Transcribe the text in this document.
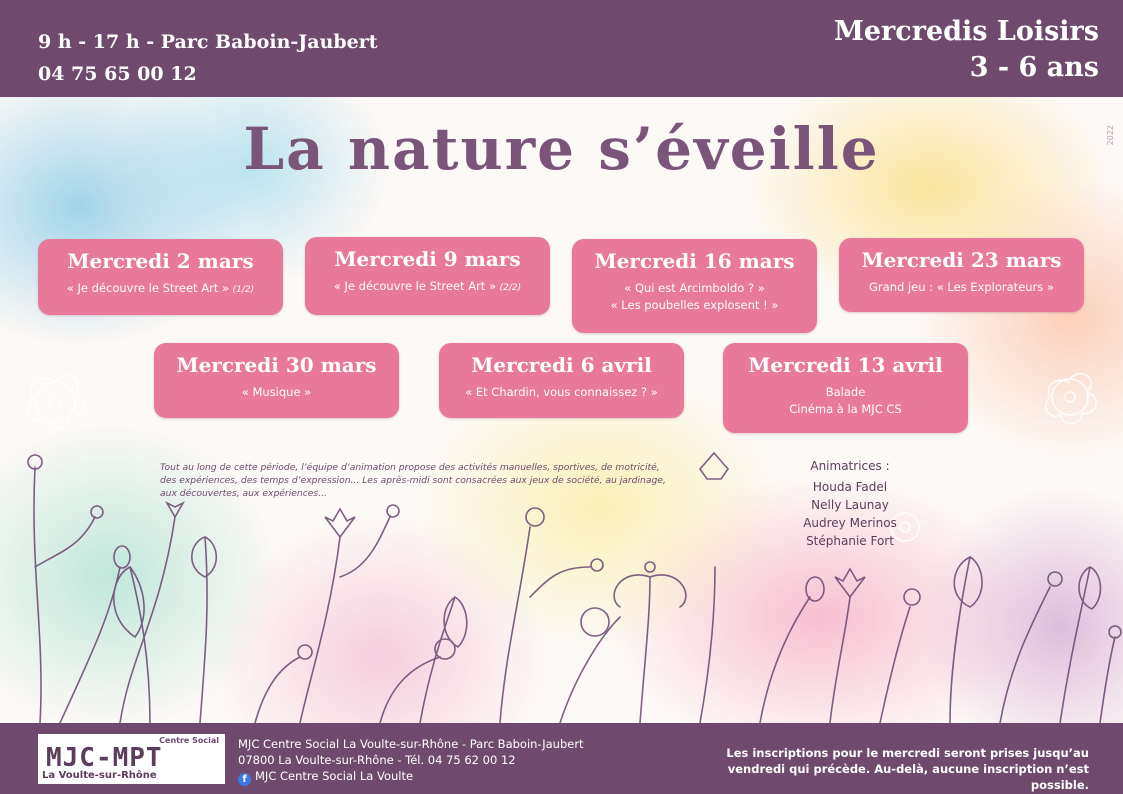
9 h - 17 h - Parc Baboin-Jaubert
04 75 65 00 12
Mercredis Loisirs
3 - 6 ans
2022
La nature s’éveille
Mercredi 2 mars
« Je découvre le Street Art » (1/2)
Mercredi 9 mars
« Je découvre le Street Art » (2/2)
Mercredi 16 mars
« Qui est Arcimboldo ? »
« Les poubelles explosent ! »
Mercredi 23 mars
Grand jeu : « Les Explorateurs »
Mercredi 30 mars
« Musique »
Mercredi 6 avril
« Et Chardin, vous connaissez ? »
Mercredi 13 avril
Balade
Cinéma à la MJC CS
Tout au long de cette période, l’équipe d’animation propose des activités manuelles, sportives, de motricité, des expériences, des temps d’expression... Les après-midi sont consacrées aux jeux de société, au jardinage, aux découvertes, aux expériences...
Animatrices :
Houda Fadel
Nelly Launay
Audrey Merinos
Stéphanie Fort
Centre Social
MJC-MPT
La Voulte-sur-Rhône
MJC Centre Social La Voulte-sur-Rhône - Parc Baboin-Jaubert
07800 La Voulte-sur-Rhône - Tél. 04 75 62 00 12
f MJC Centre Social La Voulte
Les inscriptions pour le mercredi seront prises jusqu’au vendredi qui précède. Au-delà, aucune inscription n’est possible.
